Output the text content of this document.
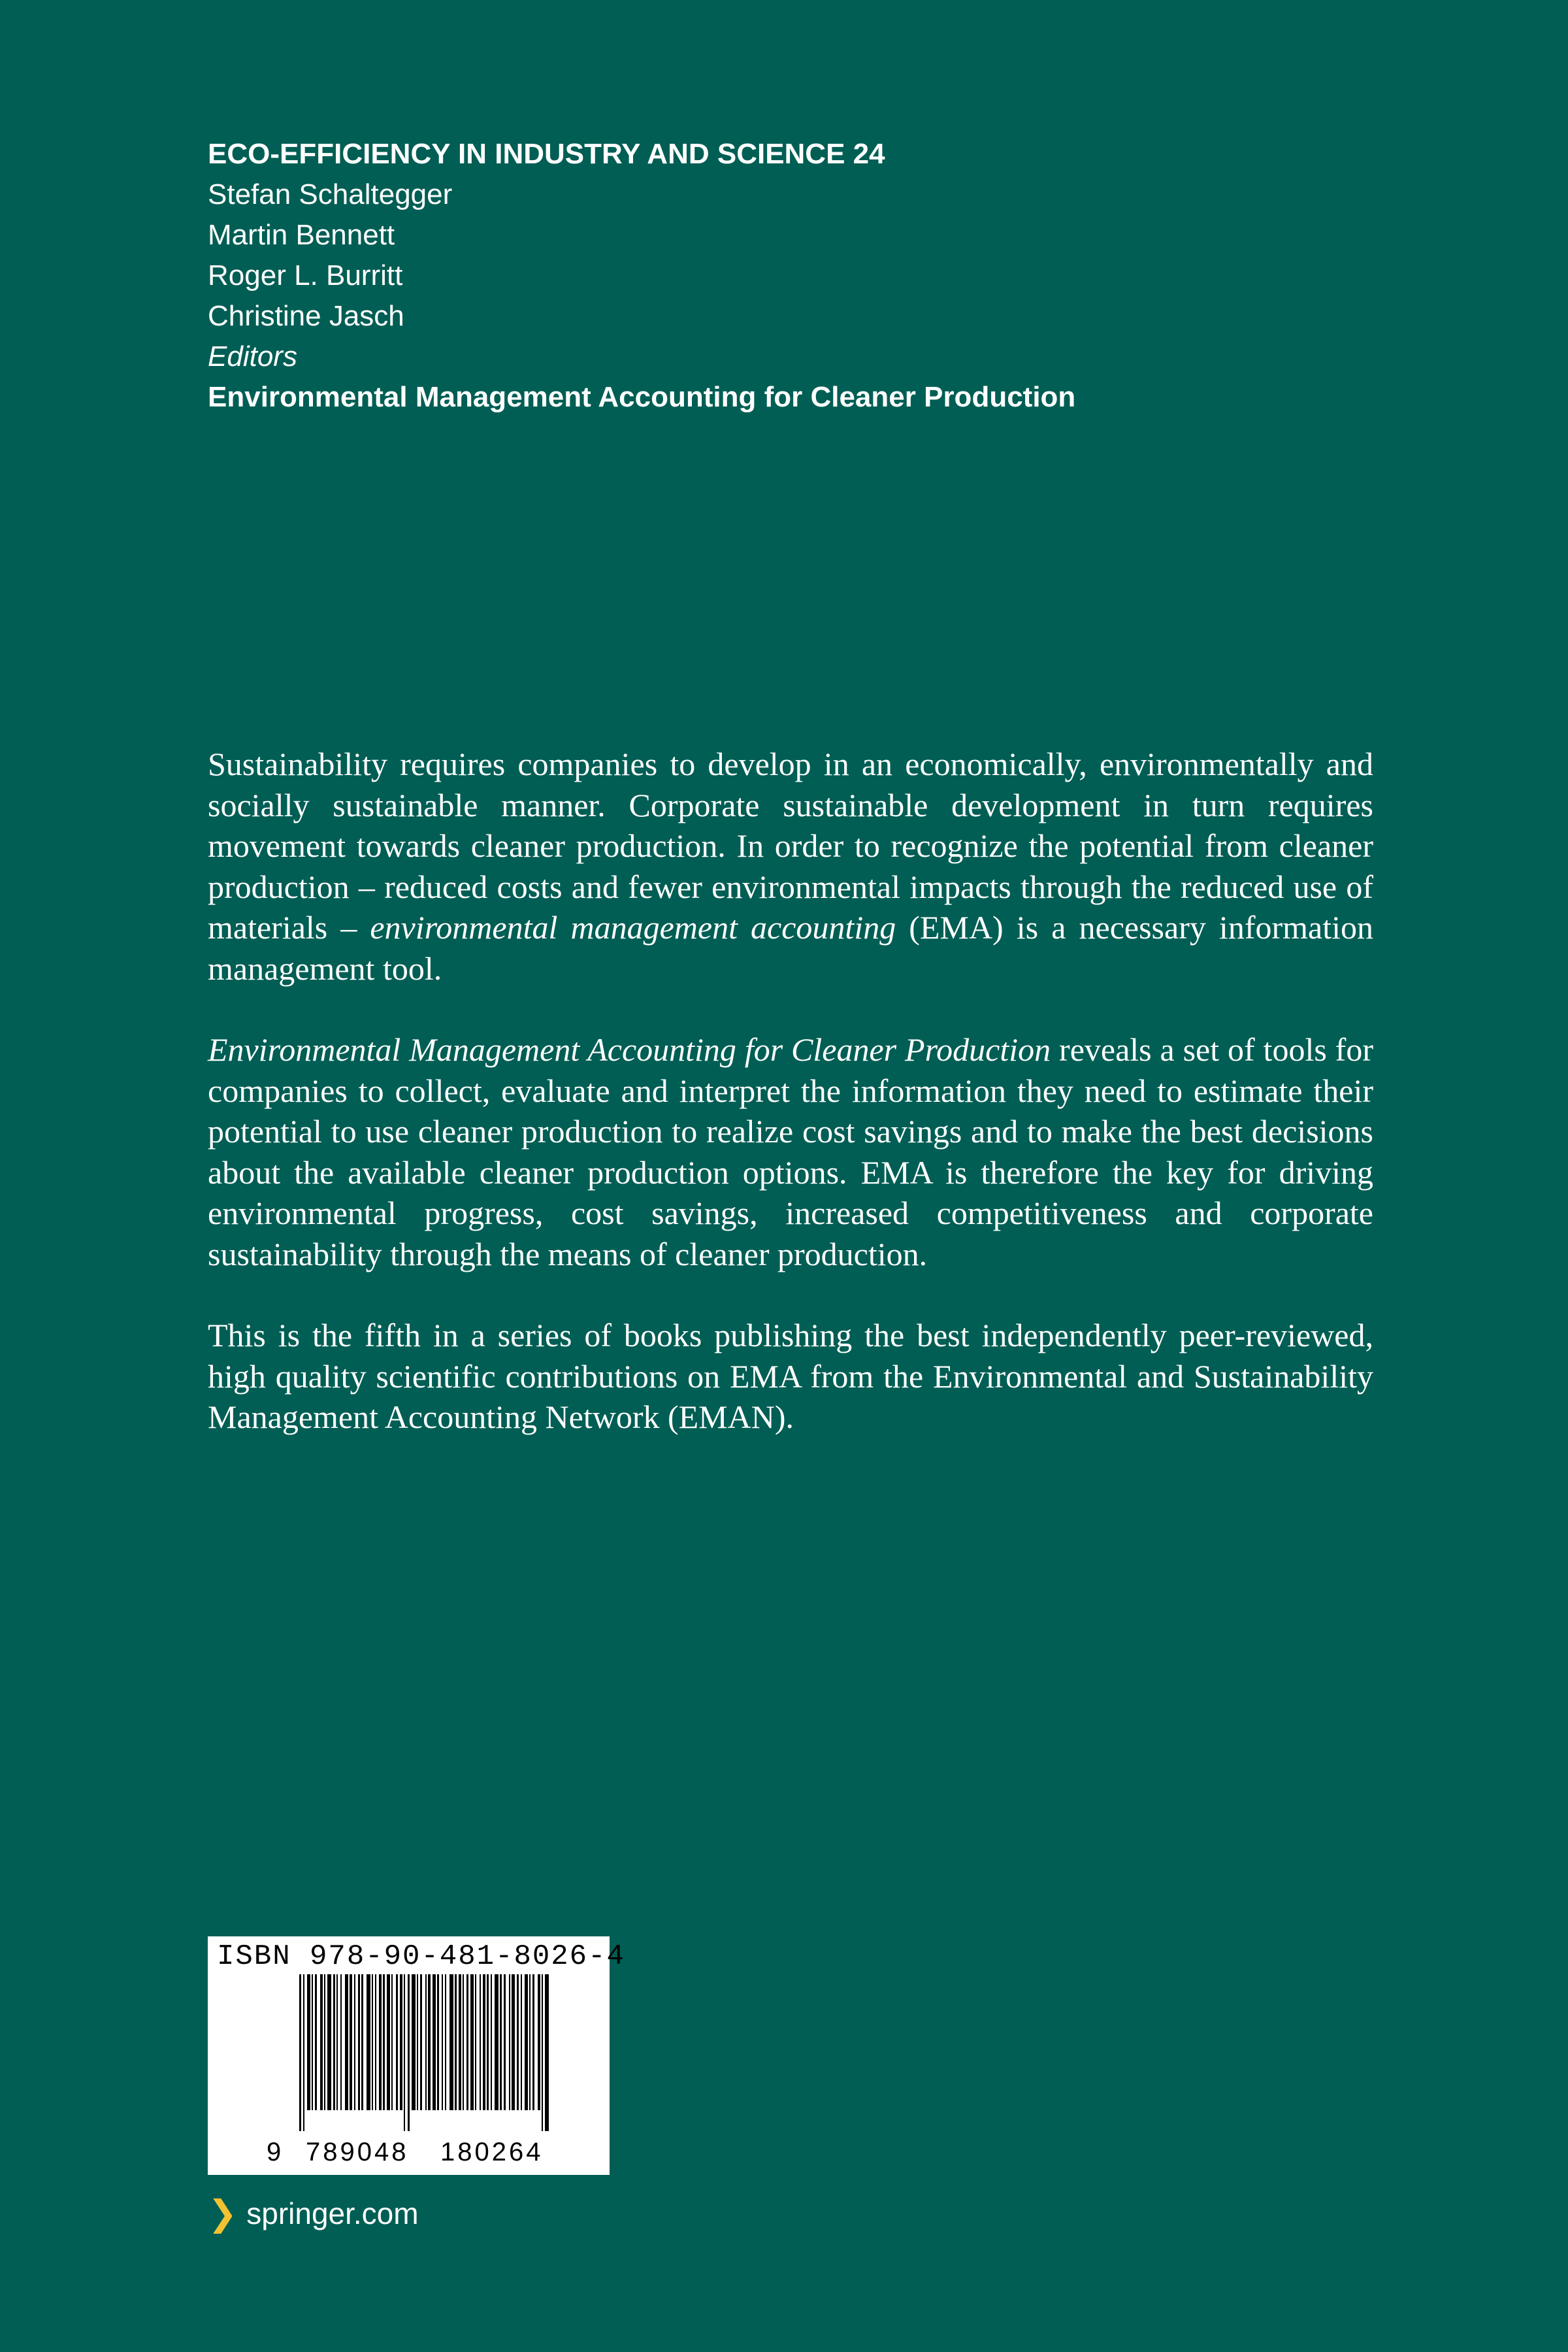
ECO-EFFICIENCY IN INDUSTRY AND SCIENCE 24
Stefan Schaltegger
Martin Bennett
Roger L. Burritt
Christine Jasch
Editors
Environmental Management Accounting for Cleaner Production

Sustainability requires companies to develop in an economically, environmentally and socially sustainable manner. Corporate sustainable development in turn requires movement towards cleaner production. In order to recognize the potential from cleaner production – reduced costs and fewer environmental impacts through the reduced use of materials – environmental management accounting (EMA) is a necessary information management tool.

Environmental Management Accounting for Cleaner Production reveals a set of tools for companies to collect, evaluate and interpret the information they need to estimate their potential to use cleaner production to realize cost savings and to make the best decisions about the available cleaner production options. EMA is therefore the key for driving environmental progress, cost savings, increased competitiveness and corporate sustainability through the means of cleaner production.

This is the fifth in a series of books publishing the best independently peer-reviewed, high quality scientific contributions on EMA from the Environmental and Sustainability Management Accounting Network (EMAN).

ISBN 978-90-481-8026-4
9 789048 180264
❯ springer.com
